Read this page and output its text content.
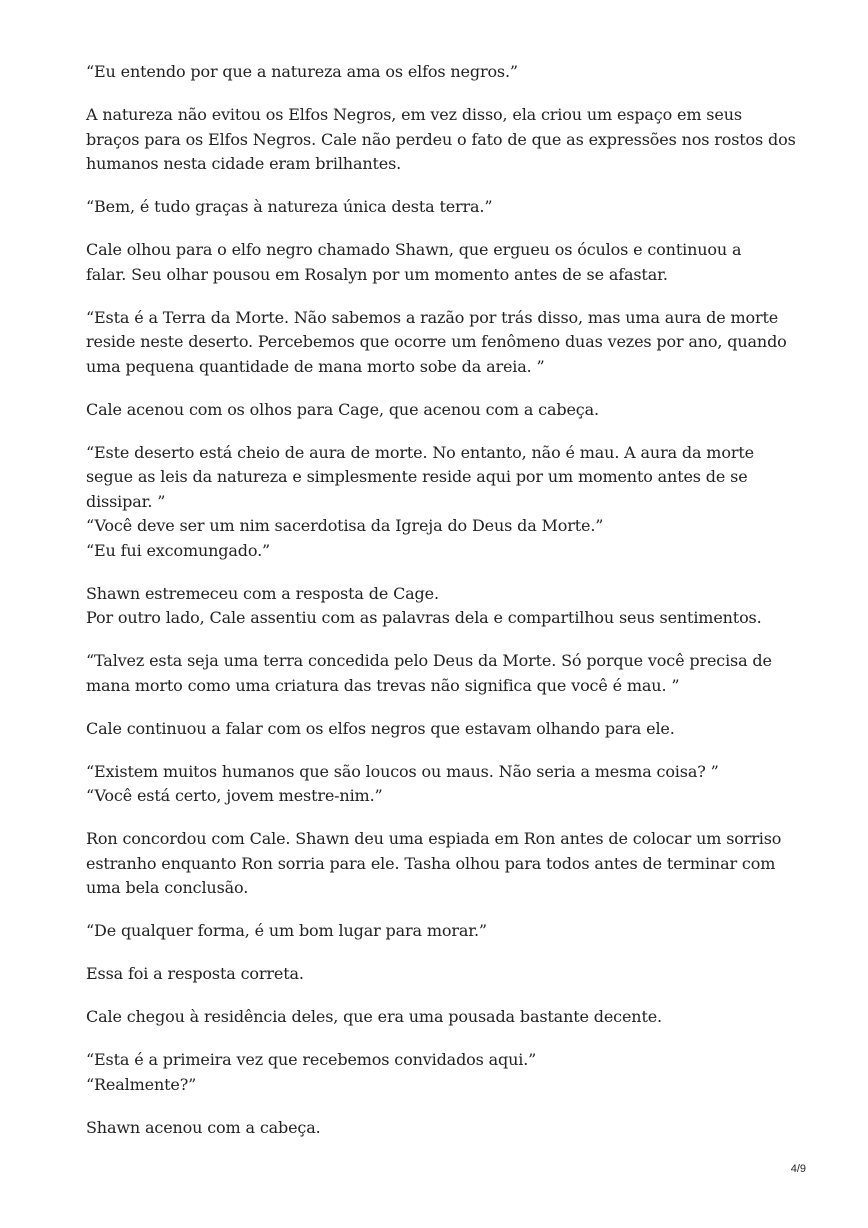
“Eu entendo por que a natureza ama os elfos negros.”

A natureza não evitou os Elfos Negros, em vez disso, ela criou um espaço em seus
braços para os Elfos Negros. Cale não perdeu o fato de que as expressões nos rostos dos
humanos nesta cidade eram brilhantes.

“Bem, é tudo graças à natureza única desta terra.”

Cale olhou para o elfo negro chamado Shawn, que ergueu os óculos e continuou a
falar. Seu olhar pousou em Rosalyn por um momento antes de se afastar.

“Esta é a Terra da Morte. Não sabemos a razão por trás disso, mas uma aura de morte
reside neste deserto. Percebemos que ocorre um fenômeno duas vezes por ano, quando
uma pequena quantidade de mana morto sobe da areia. ”

Cale acenou com os olhos para Cage, que acenou com a cabeça.

“Este deserto está cheio de aura de morte. No entanto, não é mau. A aura da morte
segue as leis da natureza e simplesmente reside aqui por um momento antes de se
dissipar. ”
“Você deve ser um nim sacerdotisa da Igreja do Deus da Morte.”
“Eu fui excomungado.”

Shawn estremeceu com a resposta de Cage.
Por outro lado, Cale assentiu com as palavras dela e compartilhou seus sentimentos.

“Talvez esta seja uma terra concedida pelo Deus da Morte. Só porque você precisa de
mana morto como uma criatura das trevas não significa que você é mau. ”

Cale continuou a falar com os elfos negros que estavam olhando para ele.

“Existem muitos humanos que são loucos ou maus. Não seria a mesma coisa? ”
“Você está certo, jovem mestre-nim.”

Ron concordou com Cale. Shawn deu uma espiada em Ron antes de colocar um sorriso
estranho enquanto Ron sorria para ele. Tasha olhou para todos antes de terminar com
uma bela conclusão.

“De qualquer forma, é um bom lugar para morar.”

Essa foi a resposta correta.

Cale chegou à residência deles, que era uma pousada bastante decente.

“Esta é a primeira vez que recebemos convidados aqui.”
“Realmente?”

Shawn acenou com a cabeça.

4/9
